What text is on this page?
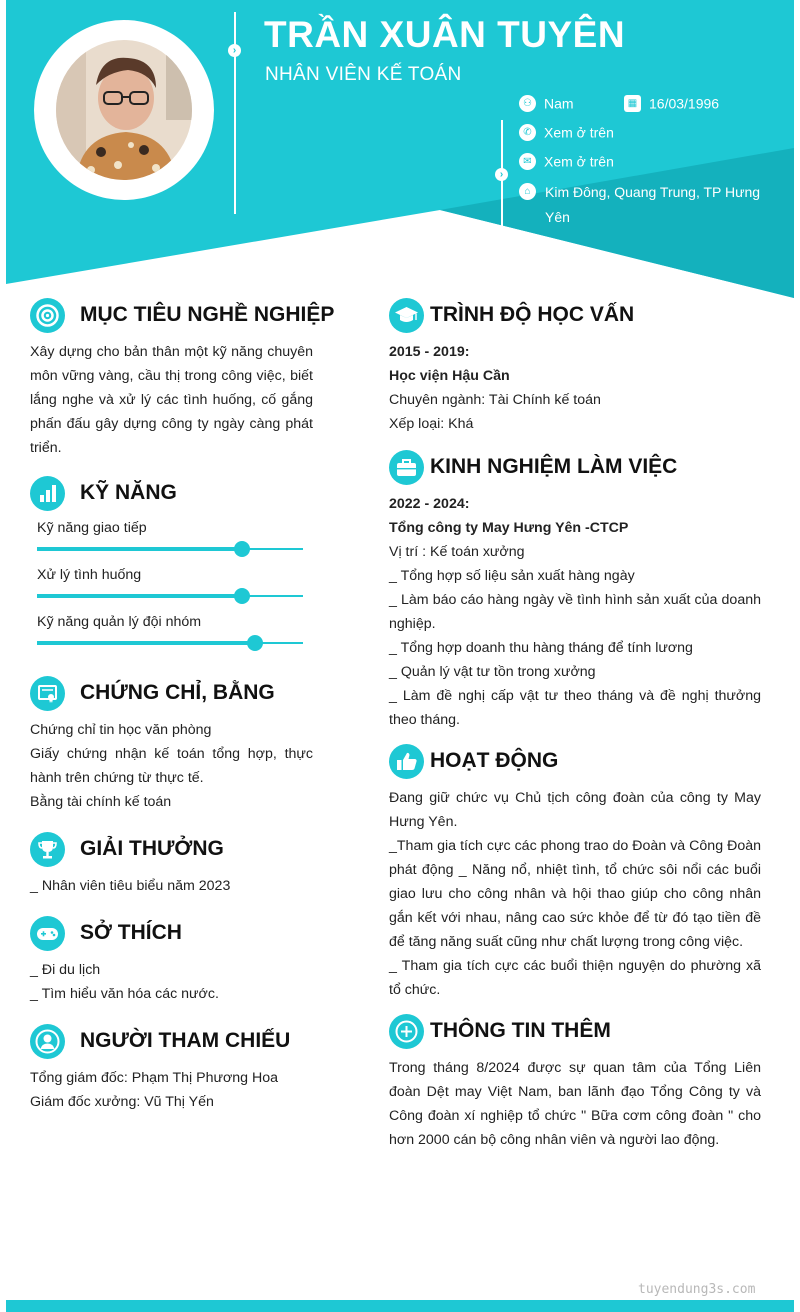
› TRẦN XUÂN TUYÊN
NHÂN VIÊN KẾ TOÁN
⚇ Nam	▦ 16/03/1996
›
✆ Xem ở trên
✉ Xem ở trên
⌂	Kim Đông, Quang Trung, TP Hưng Yên
MỤC TIÊU NGHỀ NGHIỆP
Xây dựng cho bản thân một kỹ năng chuyên môn vững vàng, cầu thị trong công việc, biết lắng nghe và xử lý các tình huống, cố gắng phấn đấu gây dựng công ty ngày càng phát triển.
KỸ NĂNG
Kỹ năng giao tiếp
Xử lý tình huống
Kỹ năng quản lý đội nhóm
CHỨNG CHỈ, BẰNG
Chứng chỉ tin học văn phòng
Giấy chứng nhận kế toán tổng hợp, thực hành trên chứng từ thực tế.
Bằng tài chính kế toán
GIẢI THƯỞNG
_ Nhân viên tiêu biểu năm 2023
SỞ THÍCH
_ Đi du lịch
_ Tìm hiểu văn hóa các nước.
NGƯỜI THAM CHIẾU
Tổng giám đốc: Phạm Thị Phương Hoa
Giám đốc xưởng: Vũ Thị Yến
TRÌNH ĐỘ HỌC VẤN
2015 - 2019:
Học viện Hậu Cần
Chuyên ngành: Tài Chính kế toán
Xếp loại: Khá
KINH NGHIỆM LÀM VIỆC
2022 - 2024:
Tổng công ty May Hưng Yên -CTCP
Vị trí : Kế toán xưởng
_ Tổng hợp số liệu sản xuất hàng ngày
_ Làm báo cáo hàng ngày về tình hình sản xuất của doanh nghiệp.
_ Tổng hợp doanh thu hàng tháng để tính lương
_ Quản lý vật tư tồn trong xưởng
_ Làm đề nghị cấp vật tư theo tháng và đề nghị thưởng theo tháng.
HOẠT ĐỘNG
Đang giữ chức vụ Chủ tịch công đoàn của công ty May Hưng Yên.
_Tham gia tích cực các phong trao do Đoàn và Công Đoàn phát động _ Năng nổ, nhiệt tình, tổ chức sôi nổi các buổi giao lưu cho công nhân và hội thao giúp cho công nhân gắn kết với nhau, nâng cao sức khỏe để từ đó tạo tiền đề để tăng năng suất cũng như chất lượng trong công việc.
_ Tham gia tích cực các buổi thiện nguyện do phường xã tổ chức.
THÔNG TIN THÊM
Trong tháng 8/2024 được sự quan tâm của Tổng Liên đoàn Dệt may Việt Nam, ban lãnh đạo Tổng Công ty và Công đoàn xí nghiệp tổ chức " Bữa cơm công đoàn " cho hơn 2000 cán bộ công nhân viên và người lao động.
tuyendung3s.com
